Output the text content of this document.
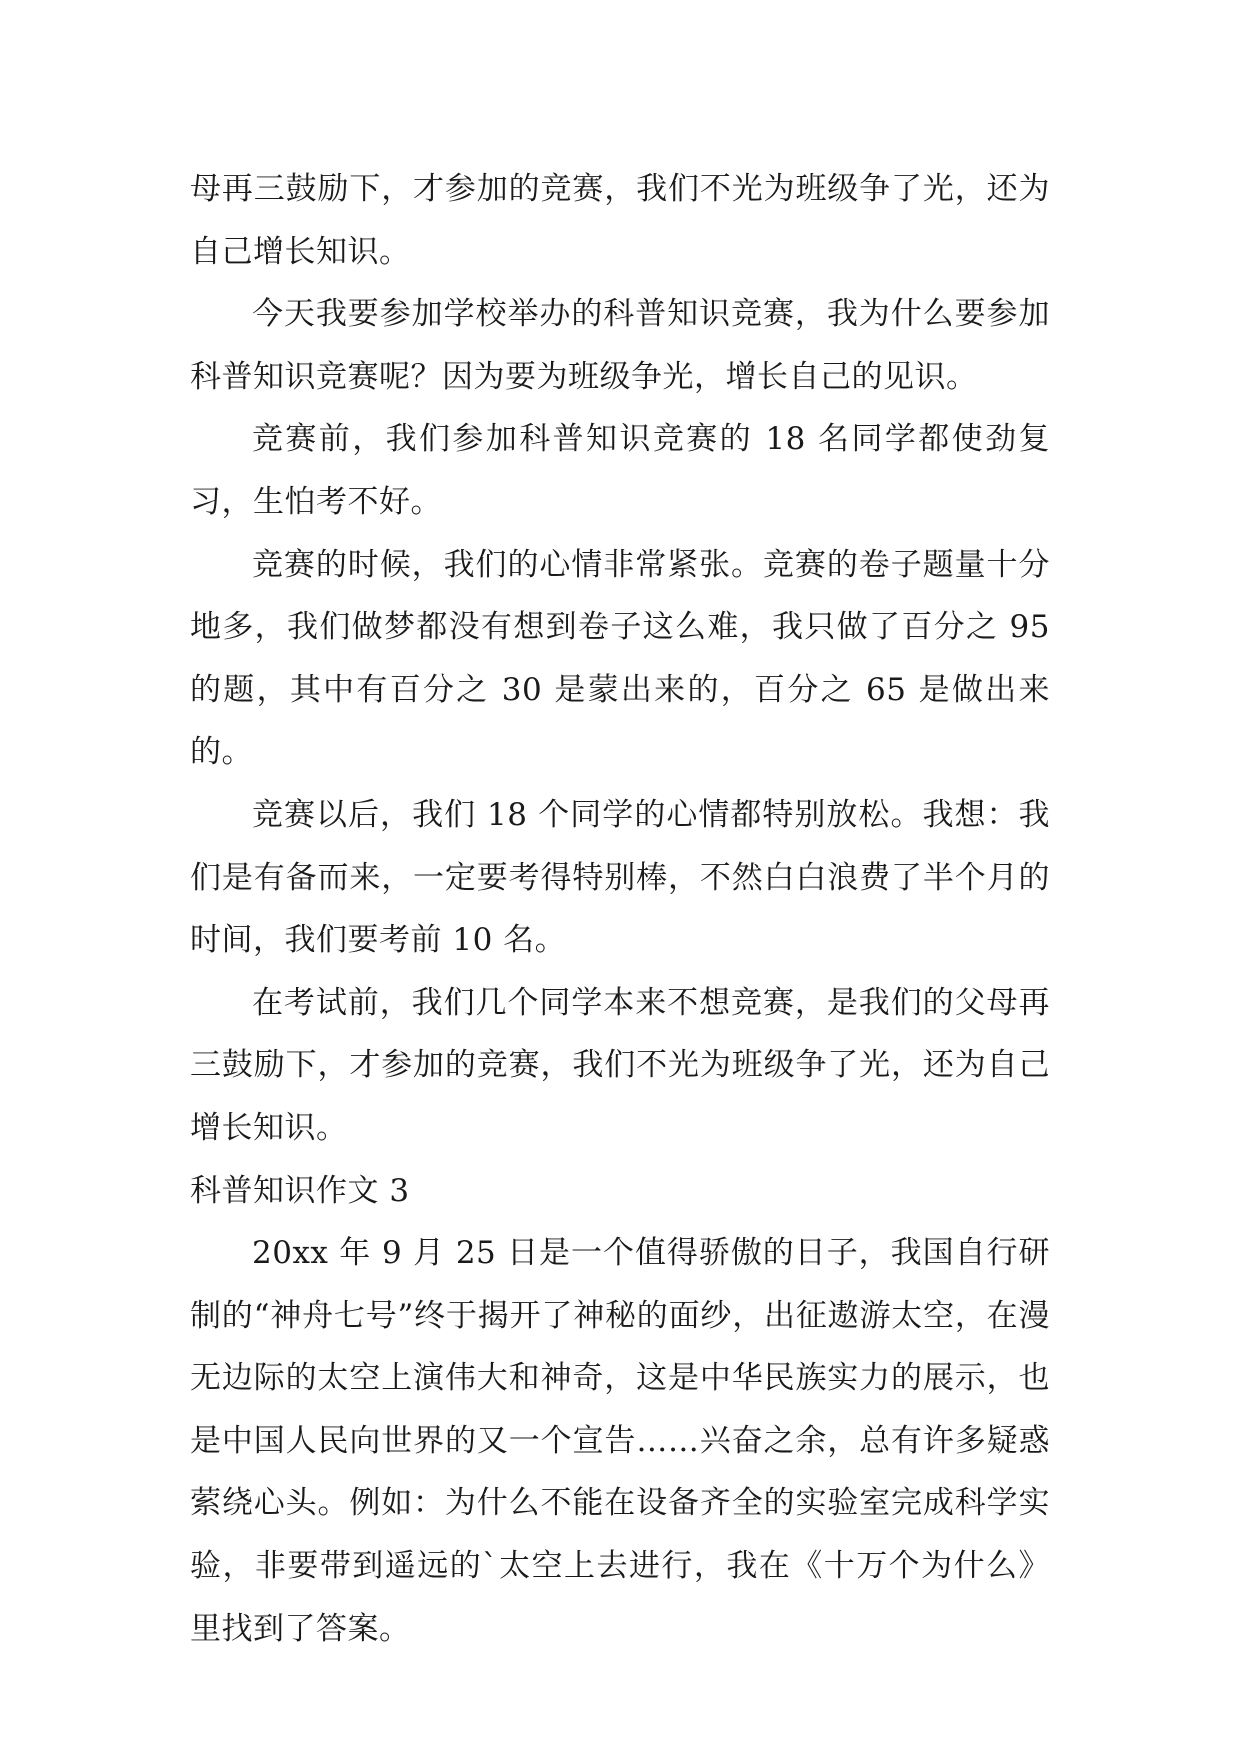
母再三鼓励下，才参加的竞赛，我们不光为班级争了光，还为自己增长知识。

今天我要参加学校举办的科普知识竞赛，我为什么要参加科普知识竞赛呢？因为要为班级争光，增长自己的见识。

竞赛前，我们参加科普知识竞赛的 18 名同学都使劲复习，生怕考不好。

竞赛的时候，我们的心情非常紧张。竞赛的卷子题量十分地多，我们做梦都没有想到卷子这么难，我只做了百分之 95 的题，其中有百分之 30 是蒙出来的，百分之 65 是做出来的。

竞赛以后，我们 18 个同学的心情都特别放松。我想：我们是有备而来，一定要考得特别棒，不然白白浪费了半个月的时间，我们要考前 10 名。

在考试前，我们几个同学本来不想竞赛，是我们的父母再三鼓励下，才参加的竞赛，我们不光为班级争了光，还为自己增长知识。

科普知识作文 3

20xx 年 9 月 25 日是一个值得骄傲的日子，我国自行研制的“神舟七号”终于揭开了神秘的面纱，出征遨游太空，在漫无边际的太空上演伟大和神奇，这是中华民族实力的展示，也是中国人民向世界的又一个宣告……兴奋之余，总有许多疑惑萦绕心头。例如：为什么不能在设备齐全的实验室完成科学实验，非要带到遥远的`太空上去进行，我在《十万个为什么》里找到了答案。
